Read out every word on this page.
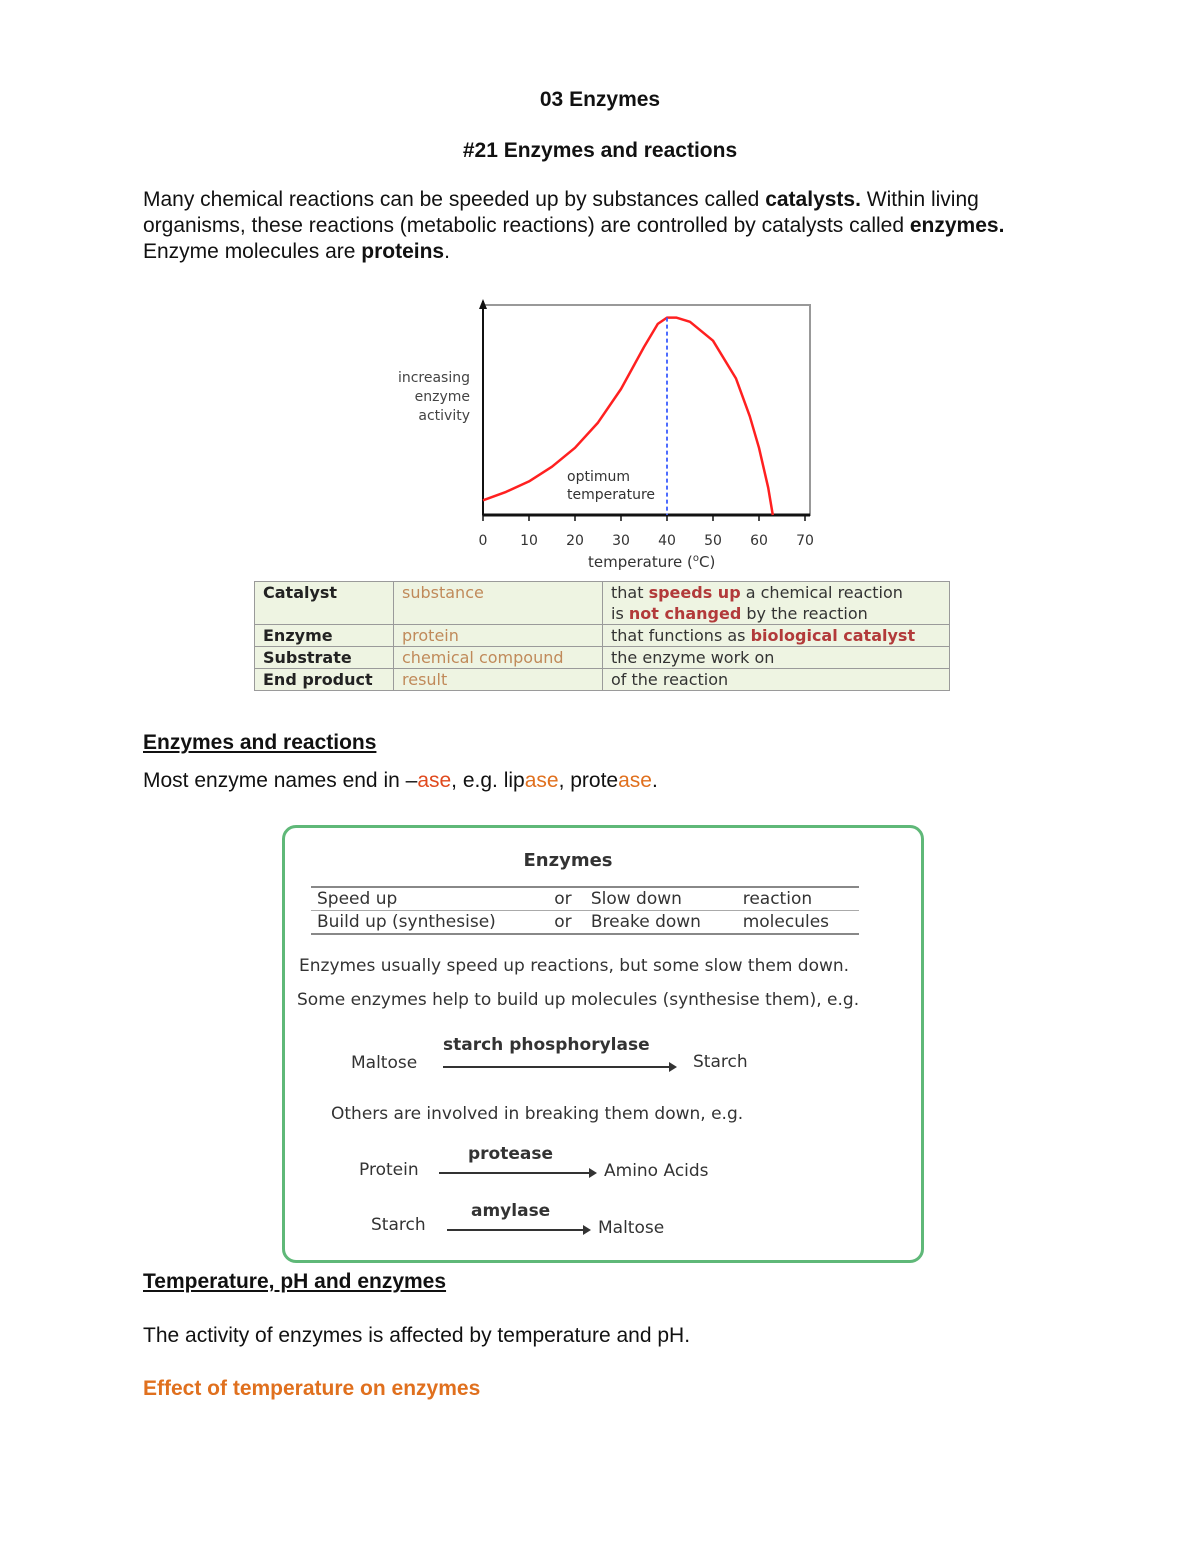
03 Enzymes
#21 Enzymes and reactions
Many chemical reactions can be speeded up by substances called catalysts. Within living organisms, these reactions (metabolic reactions) are controlled by catalysts called enzymes. Enzyme molecules are proteins.
0 10 20 30 40 50 60 70
optimum
temperature
increasing
enzyme
activity
temperature ($^o$C)
Catalyst	substance	that speeds up a chemical reaction
is not changed by the reaction
Enzyme	protein	that functions as biological catalyst
Substrate	chemical compound	the enzyme work on
End product	result	of the reaction
Enzymes and reactions
Most enzyme names end in –ase, e.g. lipase, protease.
Enzymes
Speed up	or	Slow down	reaction
Build up (synthesise)	or	Breake down	molecules
Enzymes usually speed up reactions, but some slow them down.
Some enzymes help to build up molecules (synthesise them), e.g.
Maltose
starch phosphorylase
Starch
Others are involved in breaking them down, e.g.
Protein
protease
Amino Acids
Starch
amylase
Maltose
Temperature, pH and enzymes
The activity of enzymes is affected by temperature and pH.
Effect of temperature on enzymes
